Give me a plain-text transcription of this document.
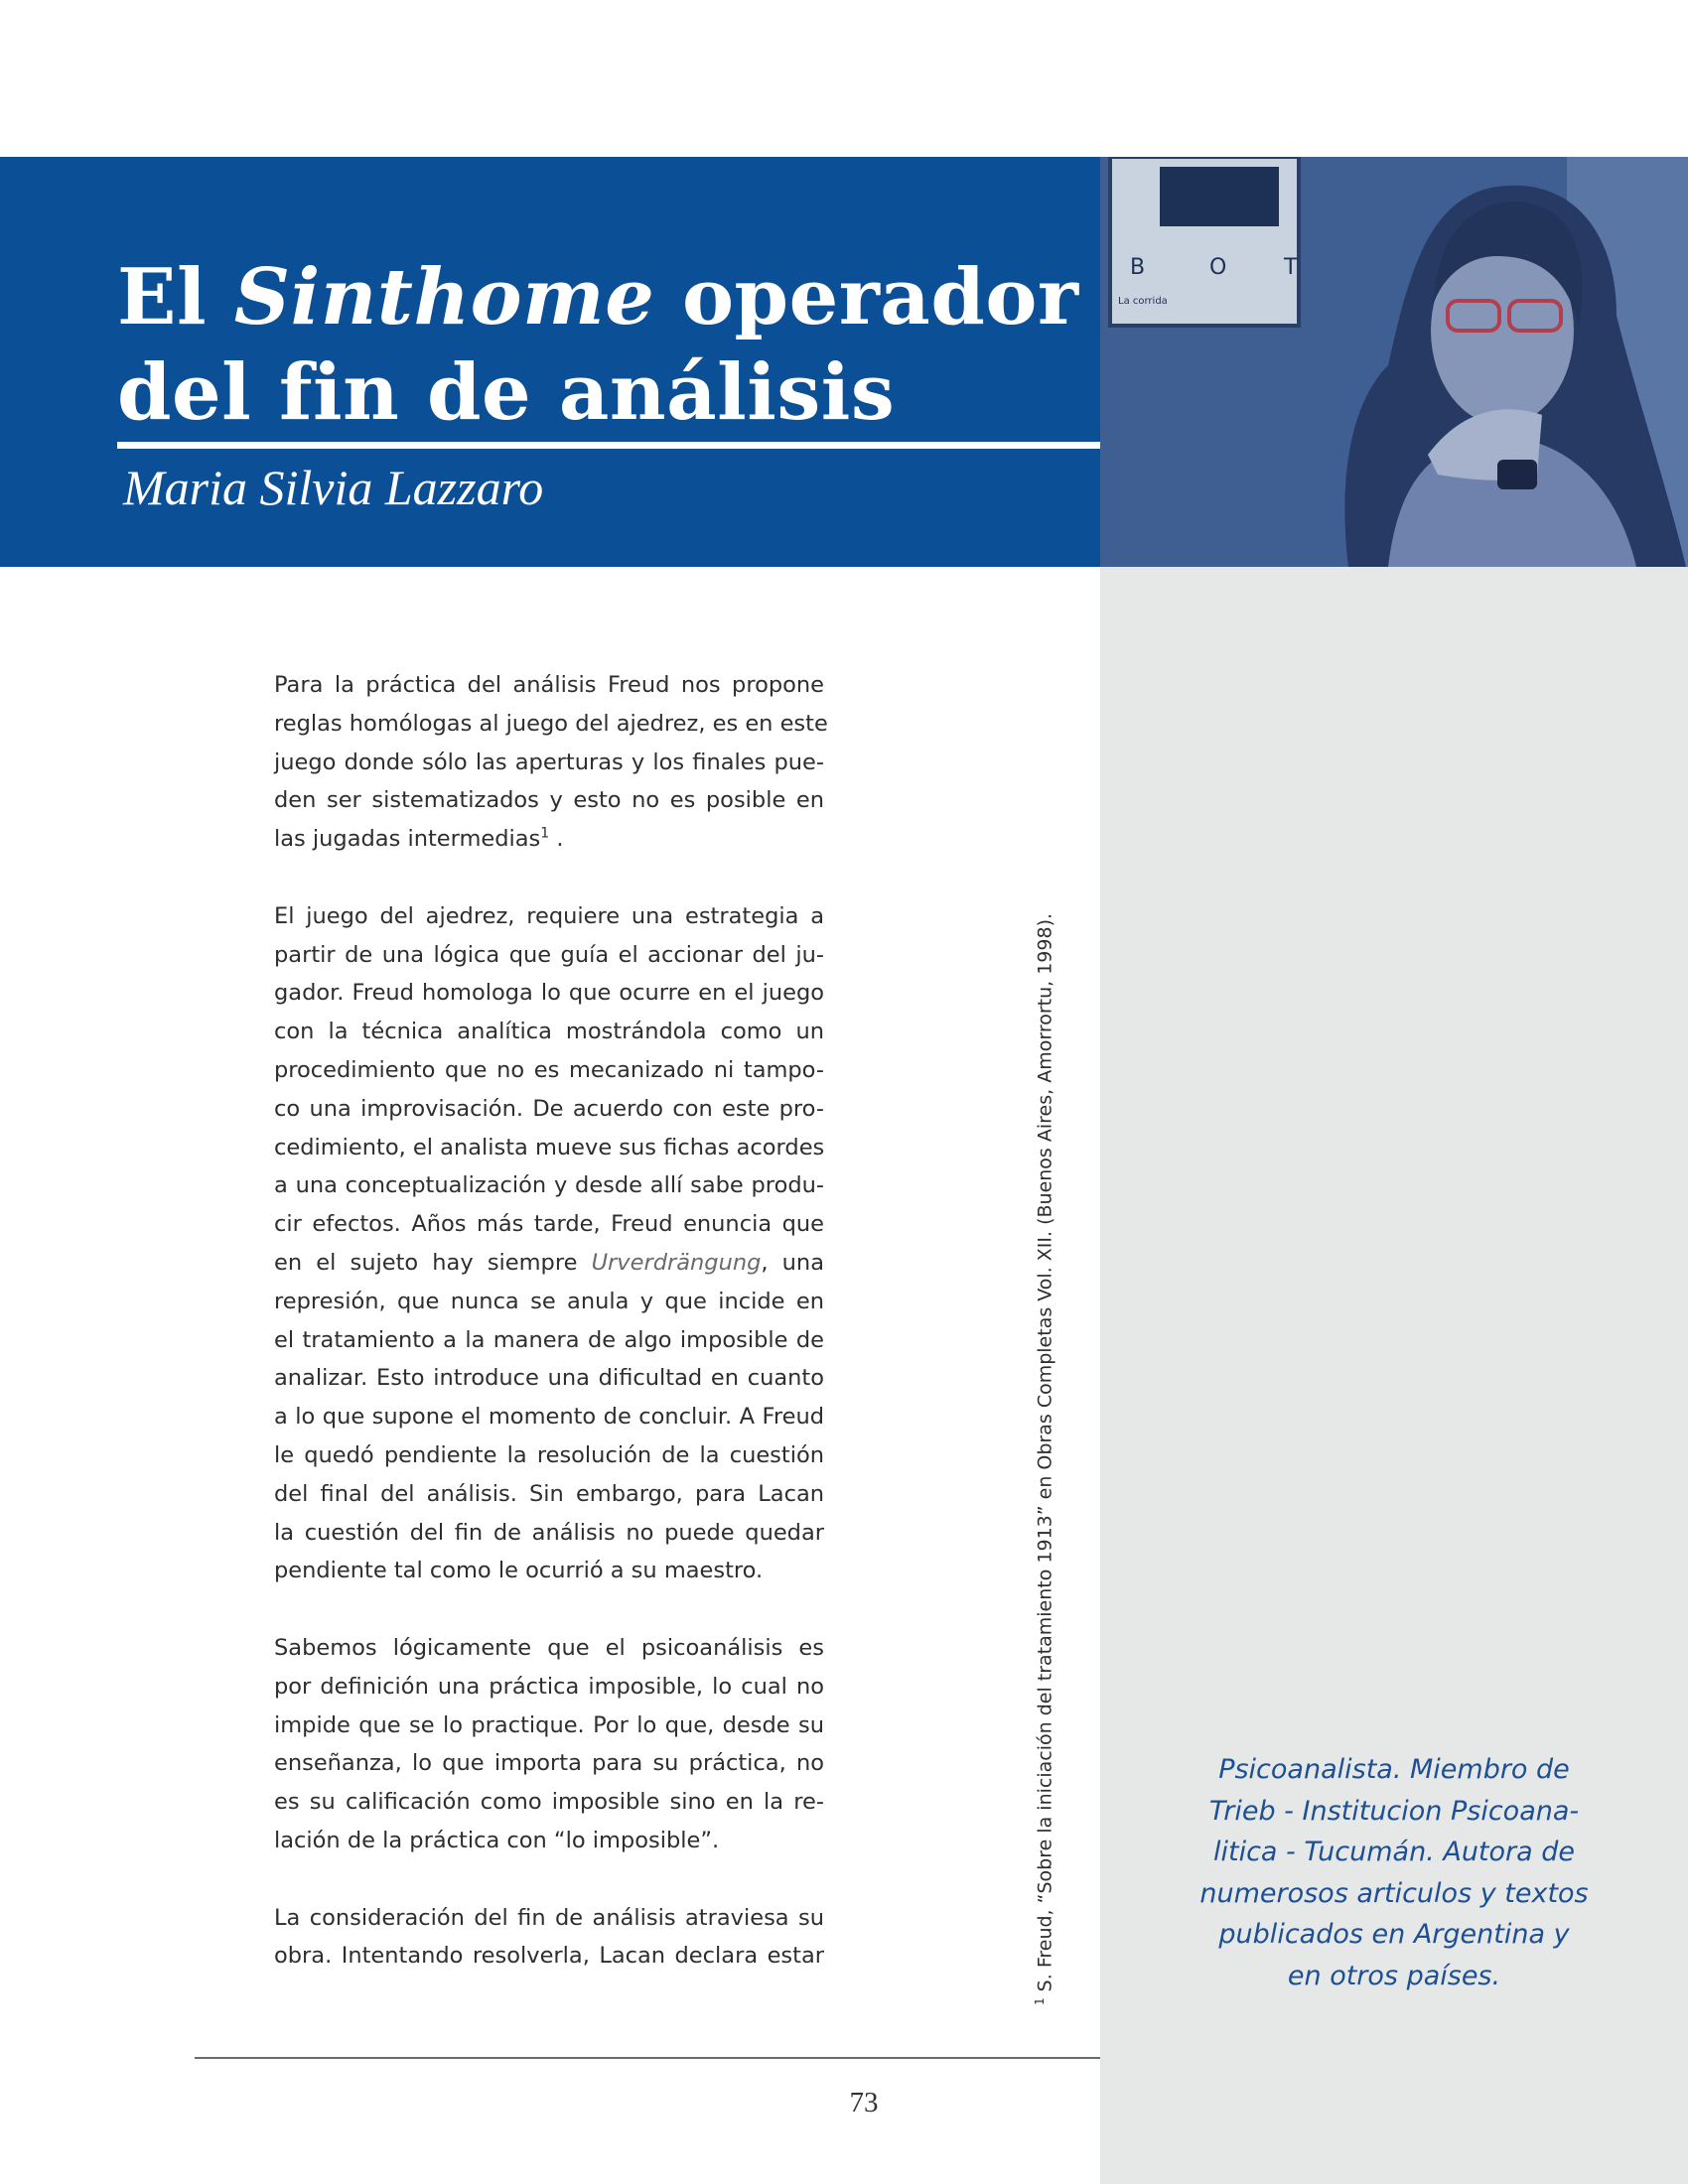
El Sinthome operador
del fin de análisis
Maria Silvia Lazzaro
B	O	T
La corrida
Psicoanalista. Miembro de
Trieb - Institucion Psicoana-
litica - Tucumán. Autora de
numerosos articulos y textos
publicados en Argentina y
en otros países.

Para la práctica del análisis Freud nos propone
reglas homólogas al juego del ajedrez, es en este
juego donde sólo las aperturas y los finales pue-
den ser sistematizados y esto no es posible en
las jugadas intermedias$^1$ .

El juego del ajedrez, requiere una estrategia a
partir de una lógica que guía el accionar del ju-
gador. Freud homologa lo que ocurre en el juego
con la técnica analítica mostrándola como un
procedimiento que no es mecanizado ni tampo-
co una improvisación. De acuerdo con este pro-
cedimiento, el analista mueve sus fichas acordes
a una conceptualización y desde allí sabe produ-
cir efectos. Años más tarde, Freud enuncia que
en el sujeto hay siempre Urverdrängung, una
represión, que nunca se anula y que incide en
el tratamiento a la manera de algo imposible de
analizar. Esto introduce una dificultad en cuanto
a lo que supone el momento de concluir. A Freud
le quedó pendiente la resolución de la cuestión
del final del análisis. Sin embargo, para Lacan
la cuestión del fin de análisis no puede quedar
pendiente tal como le ocurrió a su maestro.

Sabemos lógicamente que el psicoanálisis es
por definición una práctica imposible, lo cual no
impide que se lo practique. Por lo que, desde su
enseñanza, lo que importa para su práctica, no
es su calificación como imposible sino en la re-
lación de la práctica con “lo imposible”.

La consideración del fin de análisis atraviesa su
obra. Intentando resolverla, Lacan declara estar

$^1$ S. Freud, “Sobre la iniciación del tratamiento 1913” en Obras Completas Vol. XII. (Buenos Aires, Amorrortu, 1998).
73
